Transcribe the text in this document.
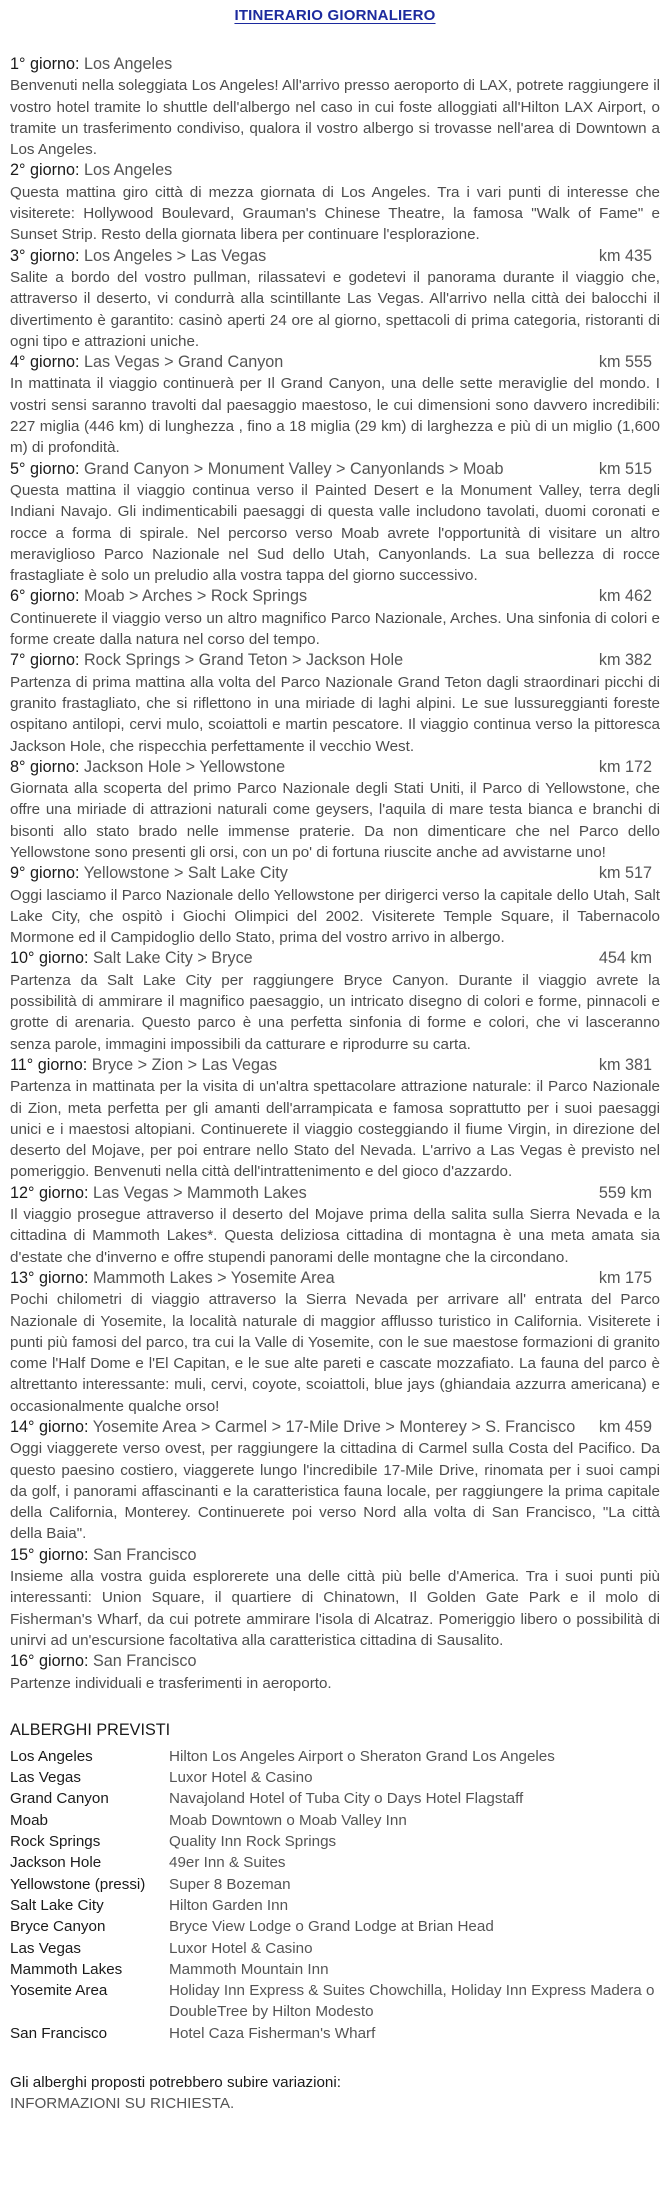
ITINERARIO GIORNALIERO
1° giorno: Los Angeles

Benvenuti nella soleggiata Los Angeles! All'arrivo presso aeroporto di LAX, potrete raggiungere il vostro hotel tramite lo shuttle dell'albergo nel caso in cui foste alloggiati all'Hilton LAX Airport, o tramite un trasferimento condiviso, qualora il vostro albergo si trovasse nell'area di Downtown a Los Angeles.

2° giorno: Los Angeles

Questa mattina giro città di mezza giornata di Los Angeles. Tra i vari punti di interesse che visiterete: Hollywood Boulevard, Grauman's Chinese Theatre, la famosa "Walk of Fame" e Sunset Strip. Resto della giornata libera per continuare l'esplorazione.

3° giorno: Los Angeles > Las Vegas	km 435

Salite a bordo del vostro pullman, rilassatevi e godetevi il panorama durante il viaggio che, attraverso il deserto, vi condurrà alla scintillante Las Vegas. All'arrivo nella città dei balocchi il divertimento è garantito: casinò aperti 24 ore al giorno, spettacoli di prima categoria, ristoranti di ogni tipo e attrazioni uniche.

4° giorno: Las Vegas > Grand Canyon	km 555

In mattinata il viaggio continuerà per Il Grand Canyon, una delle sette meraviglie del mondo. I vostri sensi saranno travolti dal paesaggio maestoso, le cui dimensioni sono davvero incredibili: 227 miglia (446 km) di lunghezza , fino a 18 miglia (29 km) di larghezza e più di un miglio (1,600 m) di profondità.

5° giorno: Grand Canyon > Monument Valley > Canyonlands > Moab	km 515

Questa mattina il viaggio continua verso il Painted Desert e la Monument Valley, terra degli Indiani Navajo. Gli indimenticabili paesaggi di questa valle includono tavolati, duomi coronati e rocce a forma di spirale. Nel percorso verso Moab avrete l'opportunità di visitare un altro meraviglioso Parco Nazionale nel Sud dello Utah, Canyonlands. La sua bellezza di rocce frastagliate è solo un preludio alla vostra tappa del giorno successivo.

6° giorno: Moab > Arches > Rock Springs	km 462

Continuerete il viaggio verso un altro magnifico Parco Nazionale, Arches. Una sinfonia di colori e forme create dalla natura nel corso del tempo.

7° giorno: Rock Springs > Grand Teton > Jackson Hole	km 382

Partenza di prima mattina alla volta del Parco Nazionale Grand Teton dagli straordinari picchi di granito frastagliato, che si riflettono in una miriade di laghi alpini. Le sue lussureggianti foreste ospitano antilopi, cervi mulo, scoiattoli e martin pescatore. Il viaggio continua verso la pittoresca Jackson Hole, che rispecchia perfettamente il vecchio West.

8° giorno: Jackson Hole > Yellowstone	km 172

Giornata alla scoperta del primo Parco Nazionale degli Stati Uniti, il Parco di Yellowstone, che offre una miriade di attrazioni naturali come geysers, l'aquila di mare testa bianca e branchi di bisonti allo stato brado nelle immense praterie. Da non dimenticare che nel Parco dello Yellowstone sono presenti gli orsi, con un po' di fortuna riuscite anche ad avvistarne uno!

9° giorno: Yellowstone > Salt Lake City	km 517

Oggi lasciamo il Parco Nazionale dello Yellowstone per dirigerci verso la capitale dello Utah, Salt Lake City, che ospitò i Giochi Olimpici del 2002. Visiterete Temple Square, il Tabernacolo Mormone ed il Campidoglio dello Stato, prima del vostro arrivo in albergo.

10° giorno: Salt Lake City > Bryce	454 km

Partenza da Salt Lake City per raggiungere Bryce Canyon. Durante il viaggio avrete la possibilità di ammirare il magnifico paesaggio, un intricato disegno di colori e forme, pinnacoli e grotte di arenaria. Questo parco è una perfetta sinfonia di forme e colori, che vi lasceranno senza parole, immagini impossibili da catturare e riprodurre su carta.

11° giorno: Bryce > Zion > Las Vegas	km 381

Partenza in mattinata per la visita di un'altra spettacolare attrazione naturale: il Parco Nazionale di Zion, meta perfetta per gli amanti dell'arrampicata e famosa soprattutto per i suoi paesaggi unici e i maestosi altopiani. Continuerete il viaggio costeggiando il fiume Virgin, in direzione del deserto del Mojave, per poi entrare nello Stato del Nevada. L'arrivo a Las Vegas è previsto nel pomeriggio. Benvenuti nella città dell'intrattenimento e del gioco d'azzardo.

12° giorno: Las Vegas > Mammoth Lakes	559 km

Il viaggio prosegue attraverso il deserto del Mojave prima della salita sulla Sierra Nevada e la cittadina di Mammoth Lakes*. Questa deliziosa cittadina di montagna è una meta amata sia d'estate che d'inverno e offre stupendi panorami delle montagne che la circondano.

13° giorno: Mammoth Lakes > Yosemite Area	km 175

Pochi chilometri di viaggio attraverso la Sierra Nevada per arrivare all' entrata del Parco Nazionale di Yosemite, la località naturale di maggior afflusso turistico in California. Visiterete i punti più famosi del parco, tra cui la Valle di Yosemite, con le sue maestose formazioni di granito come l'Half Dome e l'El Capitan, e le sue alte pareti e cascate mozzafiato. La fauna del parco è altrettanto interessante: muli, cervi, coyote, scoiattoli, blue jays (ghiandaia azzurra americana) e occasionalmente qualche orso!

14° giorno: Yosemite Area > Carmel > 17-Mile Drive > Monterey > S. Francisco km 459

Oggi viaggerete verso ovest, per raggiungere la cittadina di Carmel sulla Costa del Pacifico. Da questo paesino costiero, viaggerete lungo l'incredibile 17-Mile Drive, rinomata per i suoi campi da golf, i panorami affascinanti e la caratteristica fauna locale, per raggiungere la prima capitale della California, Monterey. Continuerete poi verso Nord alla volta di San Francisco, "La città della Baia".

15° giorno: San Francisco

Insieme alla vostra guida esplorerete una delle città più belle d'America. Tra i suoi punti più interessanti: Union Square, il quartiere di Chinatown, Il Golden Gate Park e il molo di Fisherman's Wharf, da cui potrete ammirare l'isola di Alcatraz. Pomeriggio libero o possibilità di unirvi ad un'escursione facoltativa alla caratteristica cittadina di Sausalito.

16° giorno: San Francisco

Partenze individuali e trasferimenti in aeroporto.

ALBERGHI PREVISTI
Los Angeles	Hilton Los Angeles Airport o Sheraton Grand Los Angeles
Las Vegas	Luxor Hotel & Casino
Grand Canyon	Navajoland Hotel of Tuba City o Days Hotel Flagstaff
Moab	Moab Downtown o Moab Valley Inn
Rock Springs	Quality Inn Rock Springs
Jackson Hole	49er Inn & Suites
Yellowstone (pressi)	Super 8 Bozeman
Salt Lake City	Hilton Garden Inn
Bryce Canyon	Bryce View Lodge o Grand Lodge at Brian Head
Las Vegas	Luxor Hotel & Casino
Mammoth Lakes	Mammoth Mountain Inn
Yosemite Area	Holiday Inn Express & Suites Chowchilla, Holiday Inn Express Madera o DoubleTree by Hilton Modesto
San Francisco	Hotel Caza Fisherman's Wharf
Gli alberghi proposti potrebbero subire variazioni:
INFORMAZIONI SU RICHIESTA.
